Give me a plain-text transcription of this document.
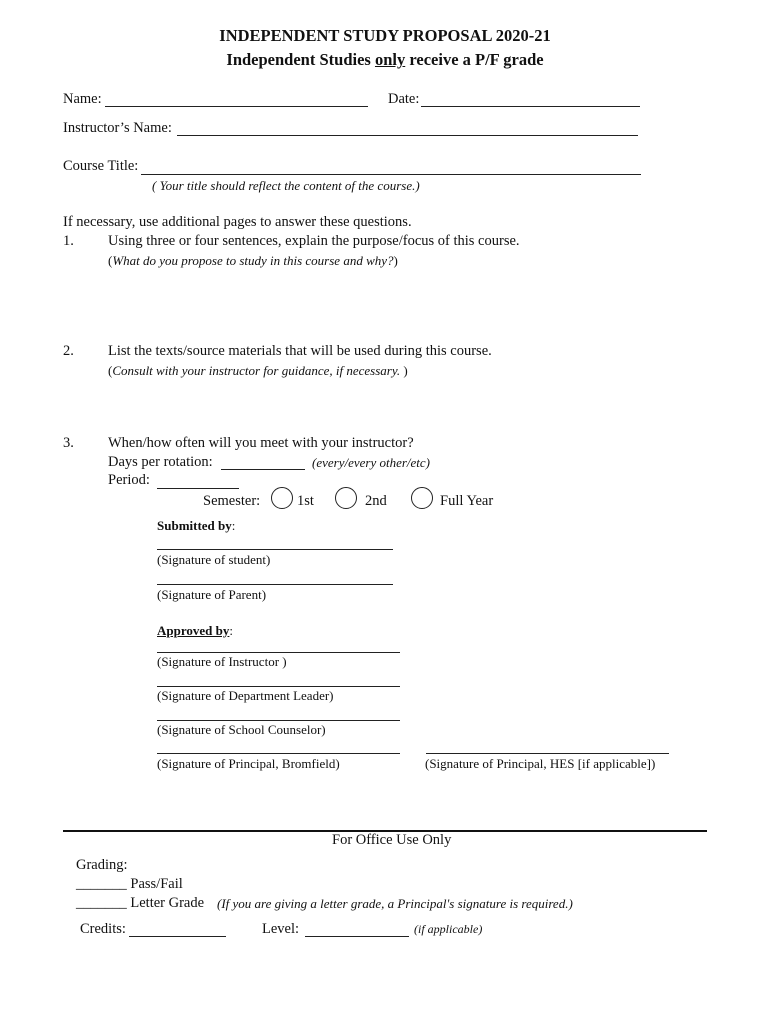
INDEPENDENT STUDY PROPOSAL 2020-21
Independent Studies only receive a P/F grade
Name:	Date:
Instructor’s Name:
Course Title:
( Your title should reflect the content of the course.)
If necessary, use additional pages to answer these questions.
1. Using three or four sentences, explain the purpose/focus of this course.
(What do you propose to study in this course and why?)
2. List the texts/source materials that will be used during this course.
(Consult with your instructor for guidance, if necessary. )
3. When/how often will you meet with your instructor?
Days per rotation:	(every/every other/etc)
Period:
Semester:	1st	2nd	Full Year
Submitted by:
(Signature of student)
(Signature of Parent)
Approved by:
(Signature of Instructor )
(Signature of Department Leader)
(Signature of School Counselor)
(Signature of Principal, Bromfield)	(Signature of Principal, HES [if applicable])
For Office Use Only
Grading:
_______ Pass/Fail
_______ Letter Grade (If you are giving a letter grade, a Principal's signature is required.)
Credits:	Level:	(if applicable)
